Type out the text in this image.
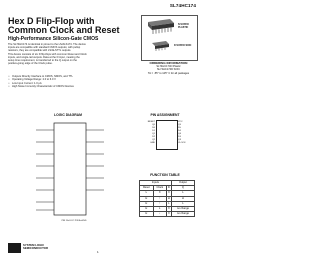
SL74HC174
Hex D Flip-Flop with
Common Clock and Reset
High-Performance Silicon-Gate CMOS
The SL74HC174 is identical in pinout to the LS/ALS174. The device
inputs are compatible with standard CMOS outputs; with pullup
resistors, they are compatible with LS/ALSTTL outputs.
This device consists of six D flip-flops with common Reset and Clock
inputs, and single-rail outputs. Data at the D input, meeting the
setup time requirement, is transferred to the Q output on the
positive-going edge of the Clock pulse.
• Outputs Directly Interface to CMOS, NMOS, and TTL
• Operating Voltage Range: 2.0 to 6.0 V
• Low Input Current: 1.0 μA
• High Noise Immunity Characteristic of CMOS Devices
N SUFFIX PLASTIC
D SUFFIX SOIC
ORDERING INFORMATION
SL74HC174N Plastic
SL74HC174D SOIC
TA = -55° to 125° C for all packages
LOGIC DIAGRAM
PIN 16=VCC PIN 8=GND
PIN ASSIGNMENT
RESET
Q0
D0
D1
Q1
D2
Q2
GND
VCC
Q5
D5
D4
Q4
D3
Q3
CLOCK
FUNCTION TABLE
Inputs			Output
Reset	Clock	D	Q
L	X	X	L
H	↑	H	H
H	↑	L	L
H	L	X	no change
H	↓	X	no change
SLS
SYSTEM LOGIC
SEMICONDUCTOR
1
